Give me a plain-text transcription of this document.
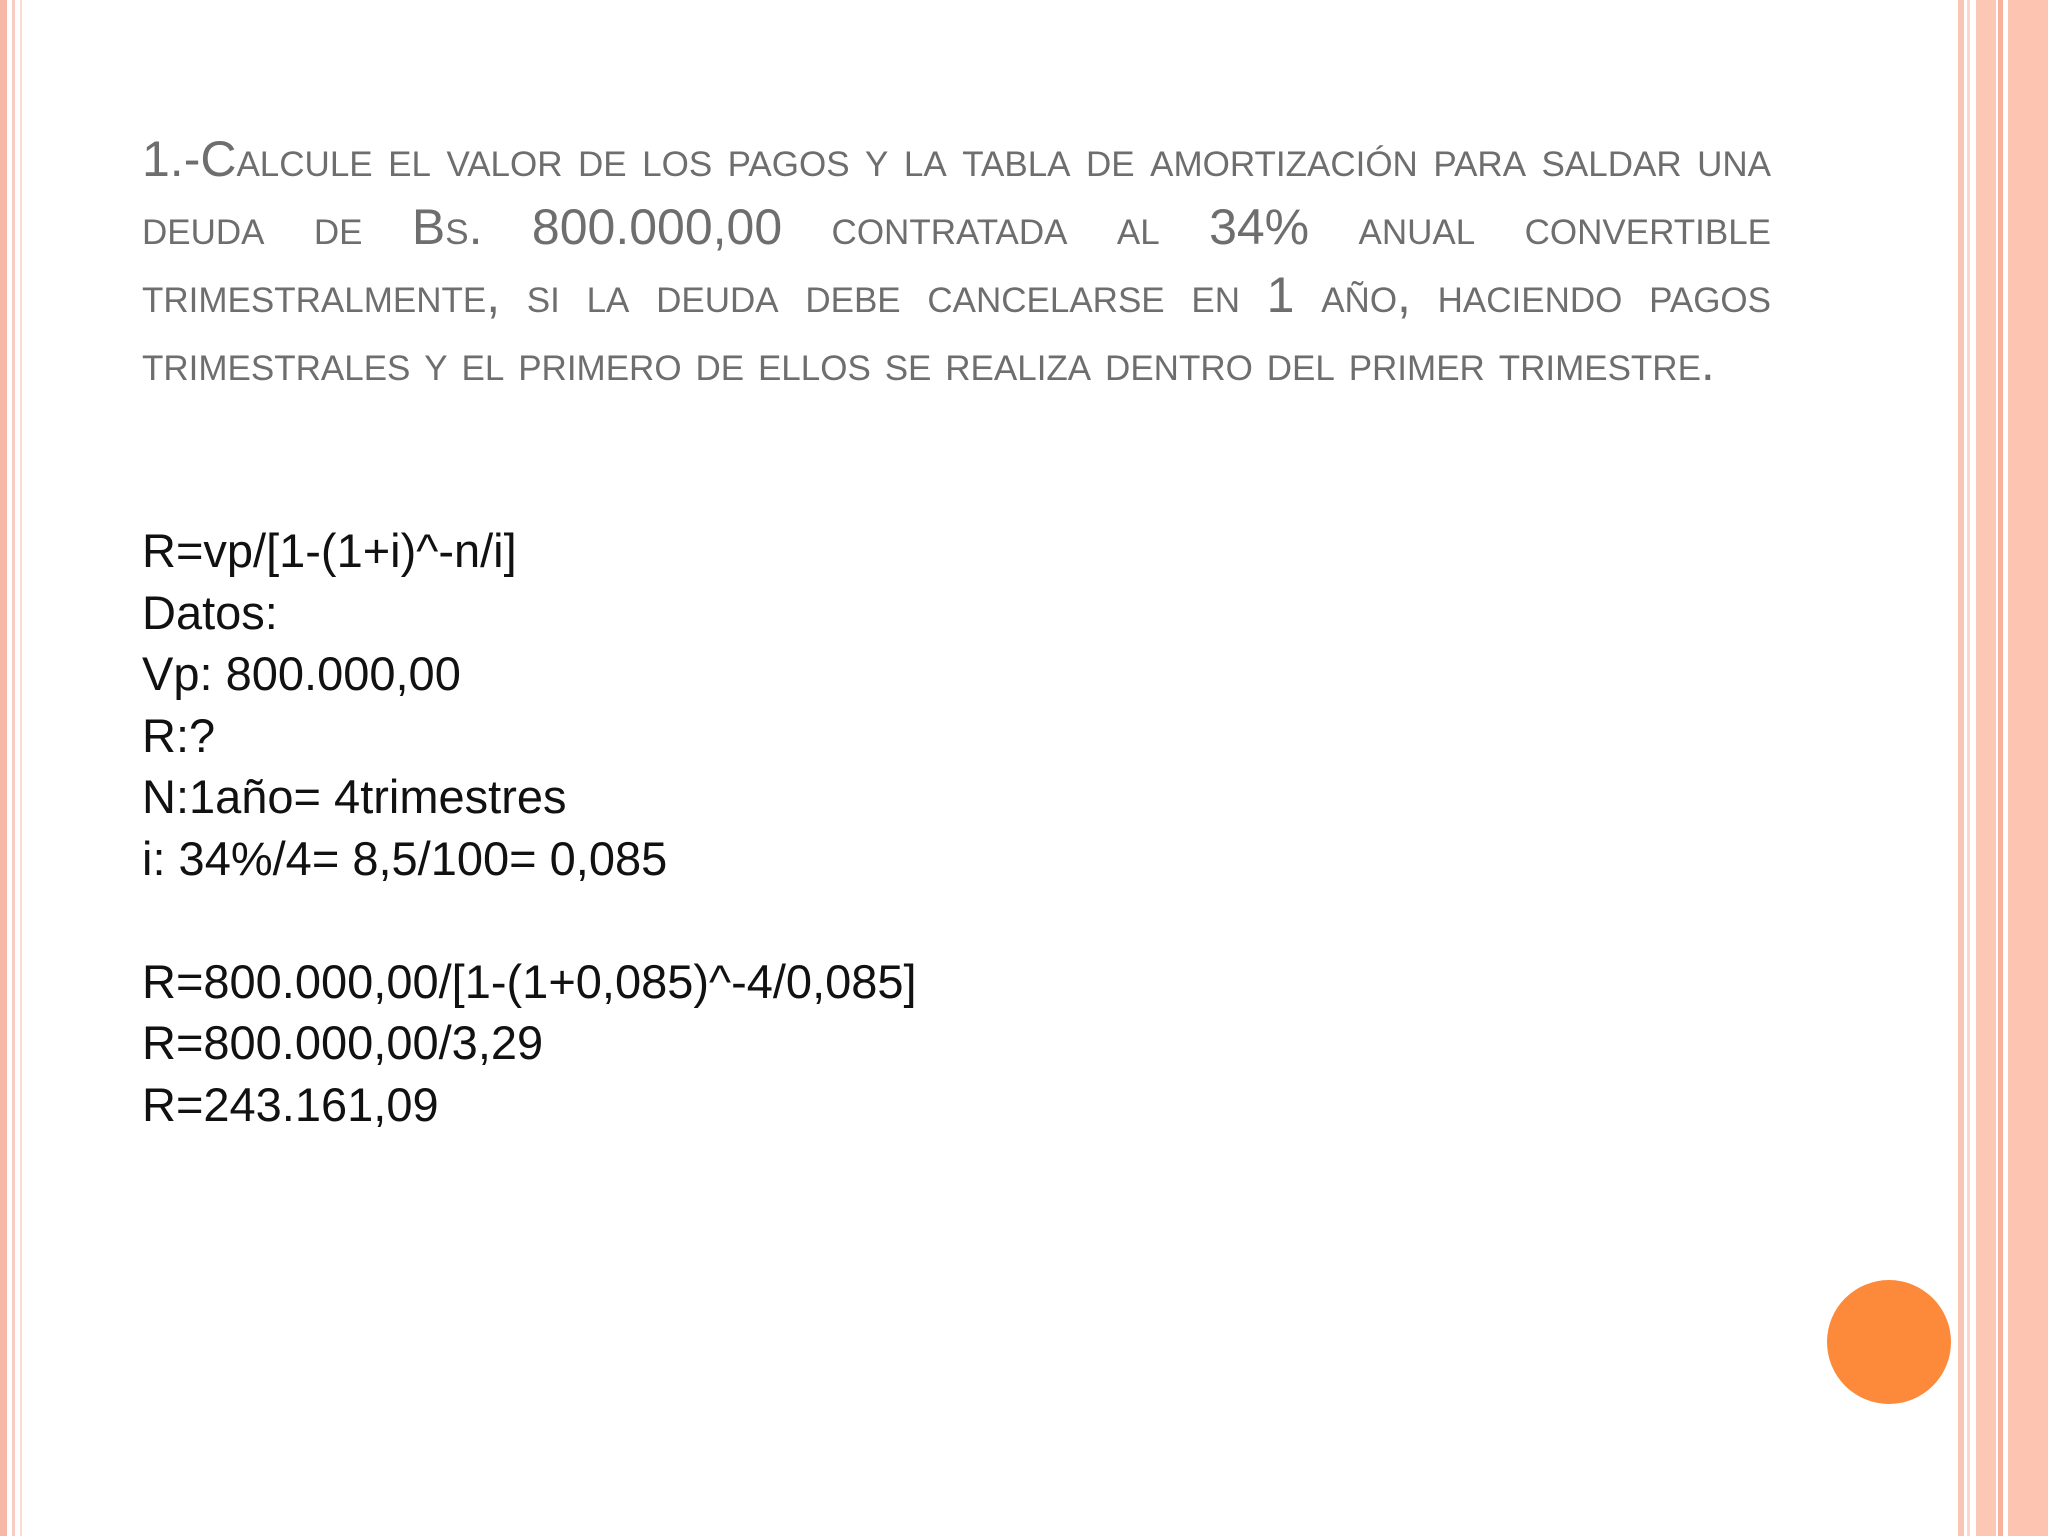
1.-Calcule el valor de los pagos y la tabla de amortización para saldar una deuda de Bs. 800.000,00 contratada al 34% anual convertible trimestralmente, si la deuda debe cancelarse en 1 año, haciendo pagos trimestrales y el primero de ellos se realiza dentro del primer trimestre.

R=vp/[1-(1+i)^-n/i]
Datos:
Vp: 800.000,00
R:?
N:1año= 4trimestres
i: 34%/4= 8,5/100= 0,085
R=800.000,00/[1-(1+0,085)^-4/0,085]
R=800.000,00/3,29
R=243.161,09
